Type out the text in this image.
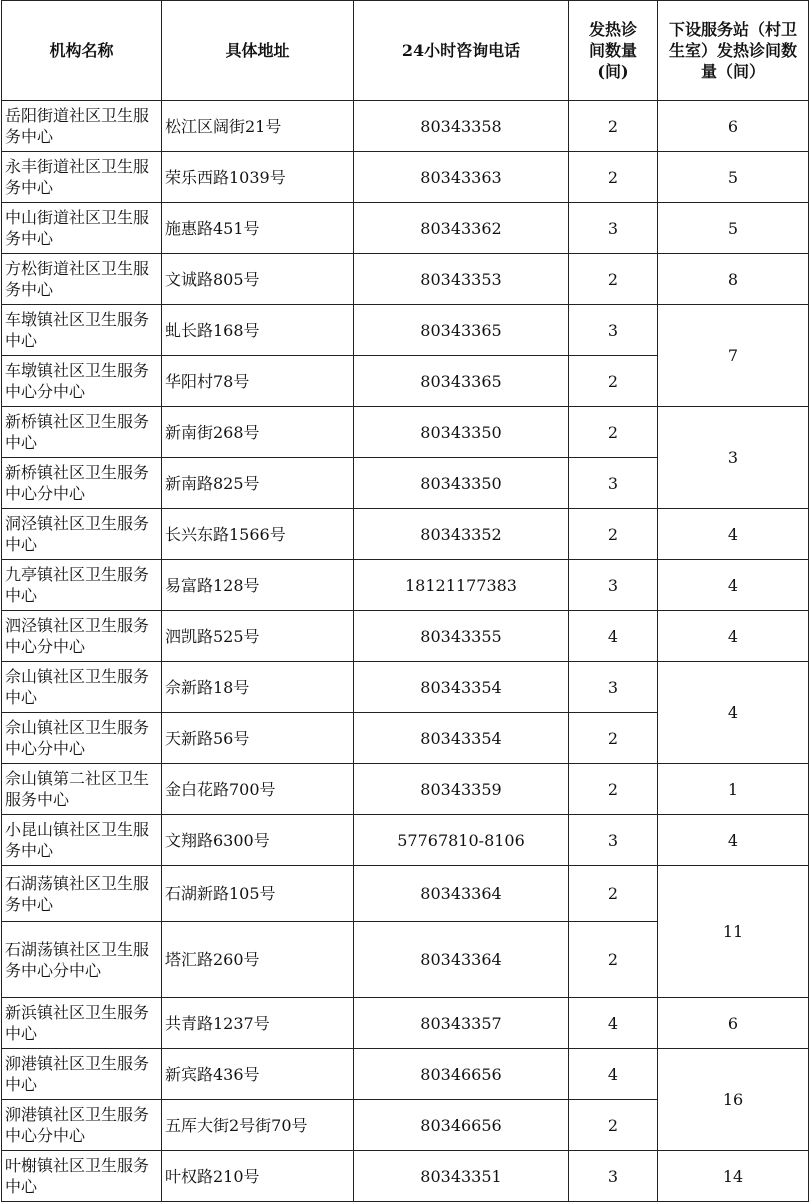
机构名称	具体地址	24小时咨询电话	发热诊间数量(间)	下设服务站（村卫生室）发热诊间数量（间）
岳阳街道社区卫生服务中心	松江区阔街21号	80343358	2	6
永丰街道社区卫生服务中心	荣乐西路1039号	80343363	2	5
中山街道社区卫生服务中心	施惠路451号	80343362	3	5
方松街道社区卫生服务中心	文诚路805号	80343353	2	8
车墩镇社区卫生服务中心	虬长路168号	80343365	3	7
车墩镇社区卫生服务中心分中心	华阳村78号	80343365	2	
新桥镇社区卫生服务中心	新南街268号	80343350	2	3
新桥镇社区卫生服务中心分中心	新南路825号	80343350	3	
洞泾镇社区卫生服务中心	长兴东路1566号	80343352	2	4
九亭镇社区卫生服务中心	易富路128号	18121177383	3	4
泗泾镇社区卫生服务中心分中心	泗凯路525号	80343355	4	4
佘山镇社区卫生服务中心	佘新路18号	80343354	3	4
佘山镇社区卫生服务中心分中心	天新路56号	80343354	2	
佘山镇第二社区卫生服务中心	金白花路700号	80343359	2	1
小昆山镇社区卫生服务中心	文翔路6300号	57767810-8106	3	4
石湖荡镇社区卫生服务中心	石湖新路105号	80343364	2	11
石湖荡镇社区卫生服务中心分中心	塔汇路260号	80343364	2	
新浜镇社区卫生服务中心	共青路1237号	80343357	4	6
泖港镇社区卫生服务中心	新宾路436号	80346656	4	16
泖港镇社区卫生服务中心分中心	五厍大街2号街70号	80346656	2	
叶榭镇社区卫生服务中心	叶权路210号	80343351	3	14
